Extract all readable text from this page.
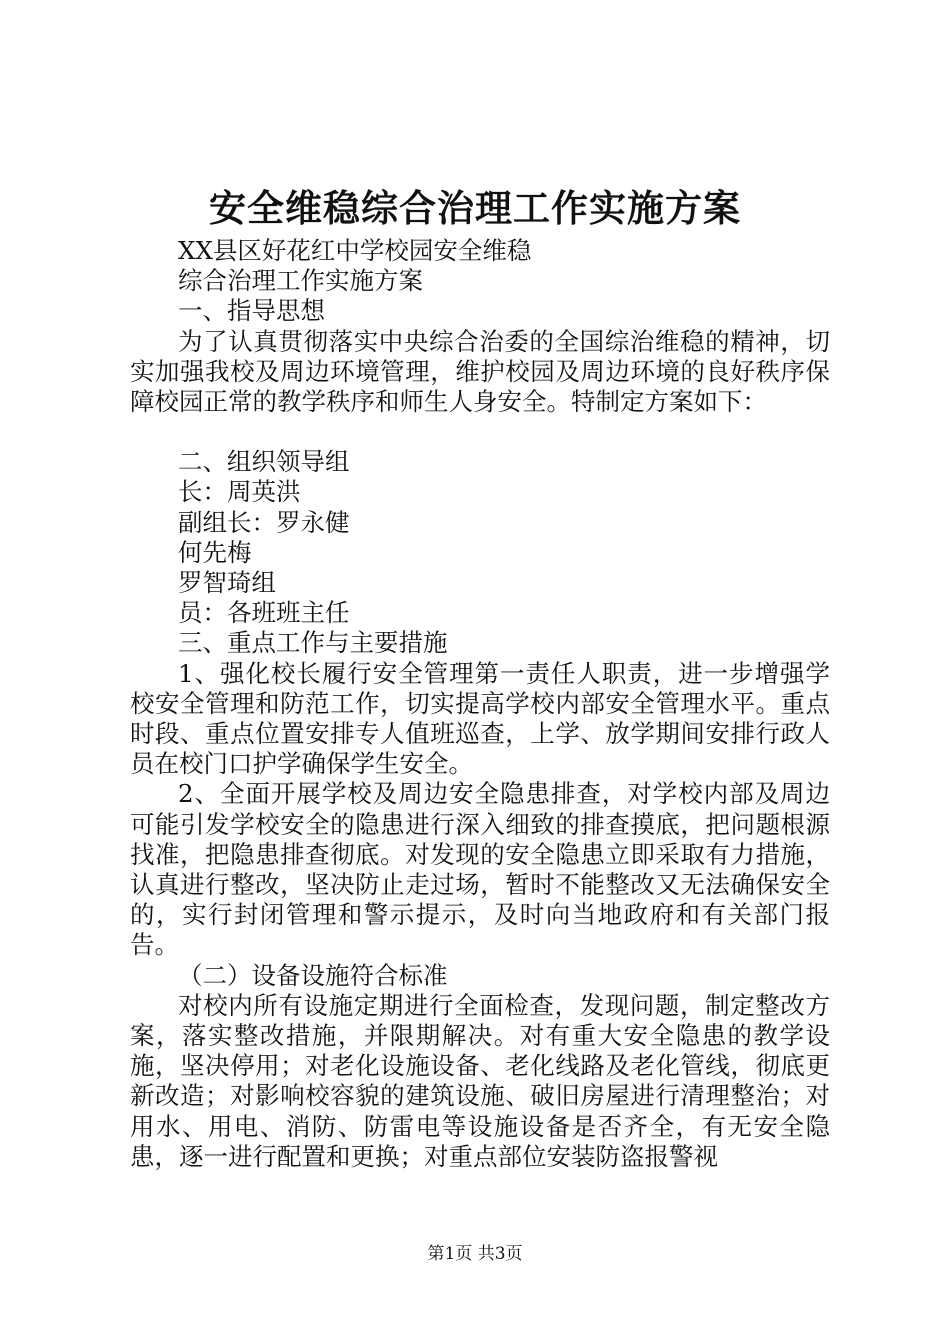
安全维稳综合治理工作实施方案

XX县区好花红中学校园安全维稳

综合治理工作实施方案

一、指导思想

为了认真贯彻落实中央综合治委的全国综治维稳的精神，切实加强我校及周边环境管理，维护校园及周边环境的良好秩序保障校园正常的教学秩序和师生人身安全。特制定方案如下：

二、组织领导组

长：周英洪

副组长：罗永健

何先梅

罗智琦组

员：各班班主任

三、重点工作与主要措施

1、强化校长履行安全管理第一责任人职责，进一步增强学校安全管理和防范工作，切实提高学校内部安全管理水平。重点时段、重点位置安排专人值班巡查，上学、放学期间安排行政人员在校门口护学确保学生安全。

2、全面开展学校及周边安全隐患排查，对学校内部及周边可能引发学校安全的隐患进行深入细致的排查摸底，把问题根源找准，把隐患排查彻底。对发现的安全隐患立即采取有力措施，认真进行整改，坚决防止走过场，暂时不能整改又无法确保安全的，实行封闭管理和警示提示，及时向当地政府和有关部门报告。

（二）设备设施符合标准

对校内所有设施定期进行全面检查，发现问题，制定整改方案，落实整改措施，并限期解决。对有重大安全隐患的教学设施，坚决停用；对老化设施设备、老化线路及老化管线，彻底更新改造；对影响校容貌的建筑设施、破旧房屋进行清理整治；对用水、用电、消防、防雷电等设施设备是否齐全，有无安全隐患，逐一进行配置和更换；对重点部位安装防盗报警视

第1页 共3页
